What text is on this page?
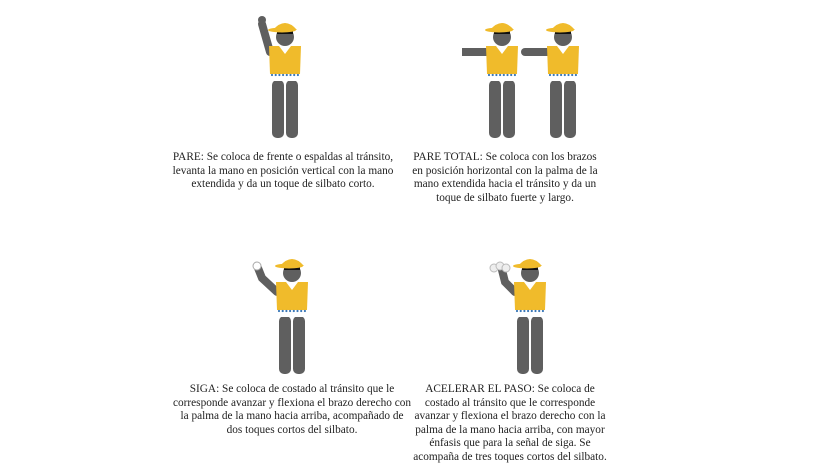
PARE: Se coloca de frente o espaldas al tránsito, levanta la mano en posición vertical con la mano extendida y da un toque de silbato corto.
PARE TOTAL: Se coloca con los brazos en posición horizontal con la palma de la mano extendida hacia el tránsito y da un toque de silbato fuerte y largo.
SIGA: Se coloca de costado al tránsito que le corresponde avanzar y flexiona el brazo derecho con la palma de la mano hacia arriba, acompañado de dos toques cortos del silbato.
ACELERAR EL PASO: Se coloca de costado al tránsito que le corresponde avanzar y flexiona el brazo derecho con la palma de la mano hacia arriba, con mayor énfasis que para la señal de siga. Se acompaña de tres toques cortos del silbato.
